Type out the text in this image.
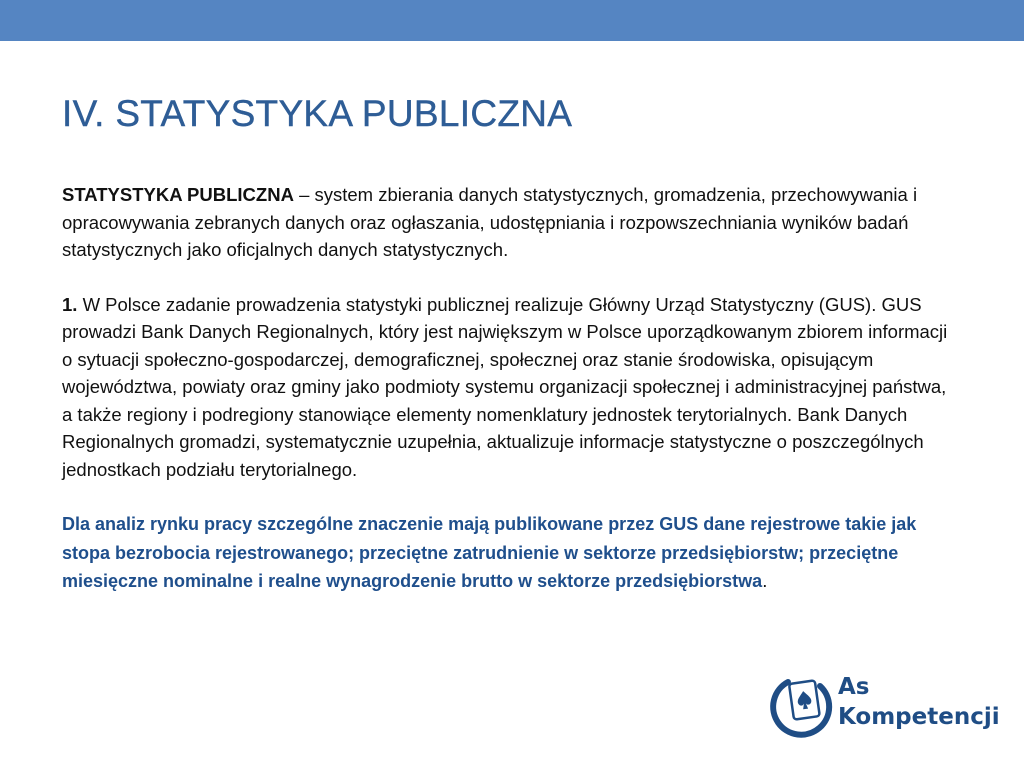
IV. STATYSTYKA PUBLICZNA

STATYSTYKA PUBLICZNA – system zbierania danych statystycznych, gromadzenia, przechowywania i opracowywania zebranych danych oraz ogłaszania, udostępniania i rozpowszechniania wyników badań statystycznych jako oficjalnych danych statystycznych.

1. W Polsce zadanie prowadzenia statystyki publicznej realizuje Główny Urząd Statystyczny (GUS). GUS prowadzi Bank Danych Regionalnych, który jest największym w Polsce uporządkowanym zbiorem informacji o sytuacji społeczno-gospodarczej, demograficznej, społecznej oraz stanie środowiska, opisującym województwa, powiaty oraz gminy jako podmioty systemu organizacji społecznej i administracyjnej państwa, a także regiony i podregiony stanowiące elementy nomenklatury jednostek terytorialnych. Bank Danych Regionalnych gromadzi, systematycznie uzupełnia, aktualizuje informacje statystyczne o poszczególnych jednostkach podziału terytorialnego.

Dla analiz rynku pracy szczególne znaczenie mają publikowane przez GUS dane rejestrowe takie jak stopa bezrobocia rejestrowanego; przeciętne zatrudnienie w sektorze przedsiębiorstw; przeciętne miesięczne nominalne i realne wynagrodzenie brutto w sektorze przedsiębiorstwa.

As
Kompetencji
